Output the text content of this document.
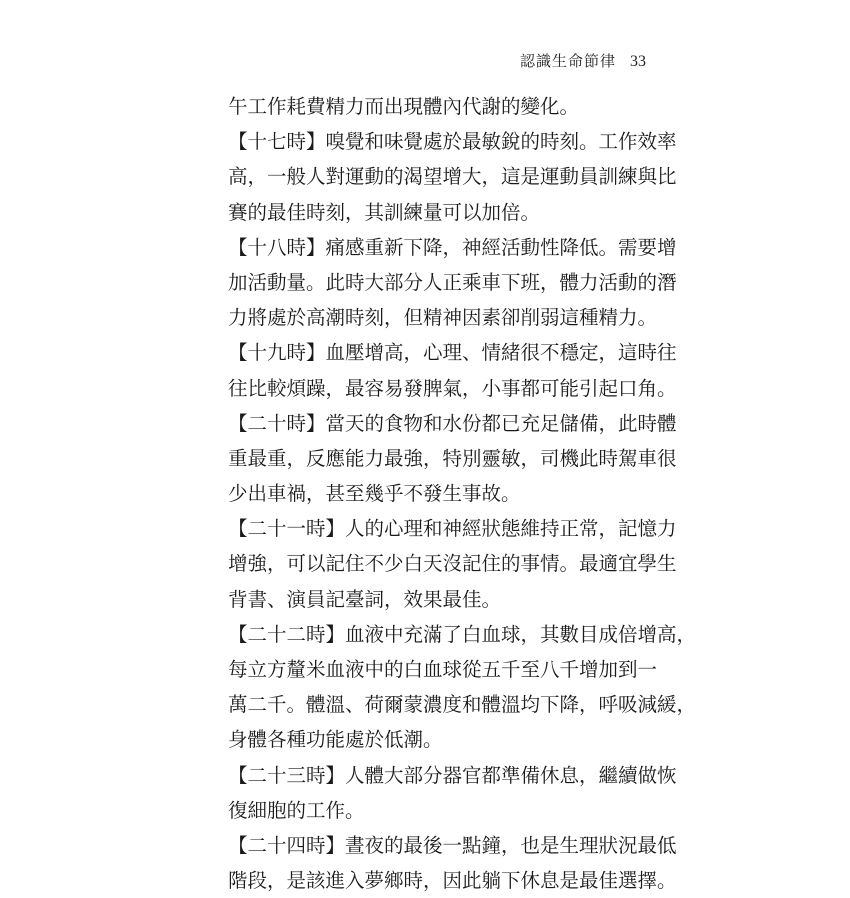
認識生命節律 33
午工作耗費精力而出現體內代謝的變化。
【十七時】嗅覺和味覺處於最敏銳的時刻。工作效率
高，一般人對運動的渴望增大，這是運動員訓練與比
賽的最佳時刻，其訓練量可以加倍。
【十八時】痛感重新下降，神經活動性降低。需要增
加活動量。此時大部分人正乘車下班，體力活動的潛
力將處於高潮時刻，但精神因素卻削弱這種精力。
【十九時】血壓增高，心理、情緒很不穩定，這時往
往比較煩躁，最容易發脾氣，小事都可能引起口角。
【二十時】當天的食物和水份都已充足儲備，此時體
重最重，反應能力最強，特別靈敏，司機此時駕車很
少出車禍，甚至幾乎不發生事故。
【二十一時】人的心理和神經狀態維持正常，記憶力
增強，可以記住不少白天沒記住的事情。最適宜學生
背書、演員記臺詞，效果最佳。
【二十二時】血液中充滿了白血球，其數目成倍增高，
每立方釐米血液中的白血球從五千至八千增加到一
萬二千。體溫、荷爾蒙濃度和體溫均下降，呼吸減緩，
身體各種功能處於低潮。
【二十三時】人體大部分器官都準備休息，繼續做恢
復細胞的工作。
【二十四時】晝夜的最後一點鐘，也是生理狀況最低
階段，是該進入夢鄉時，因此躺下休息是最佳選擇。
